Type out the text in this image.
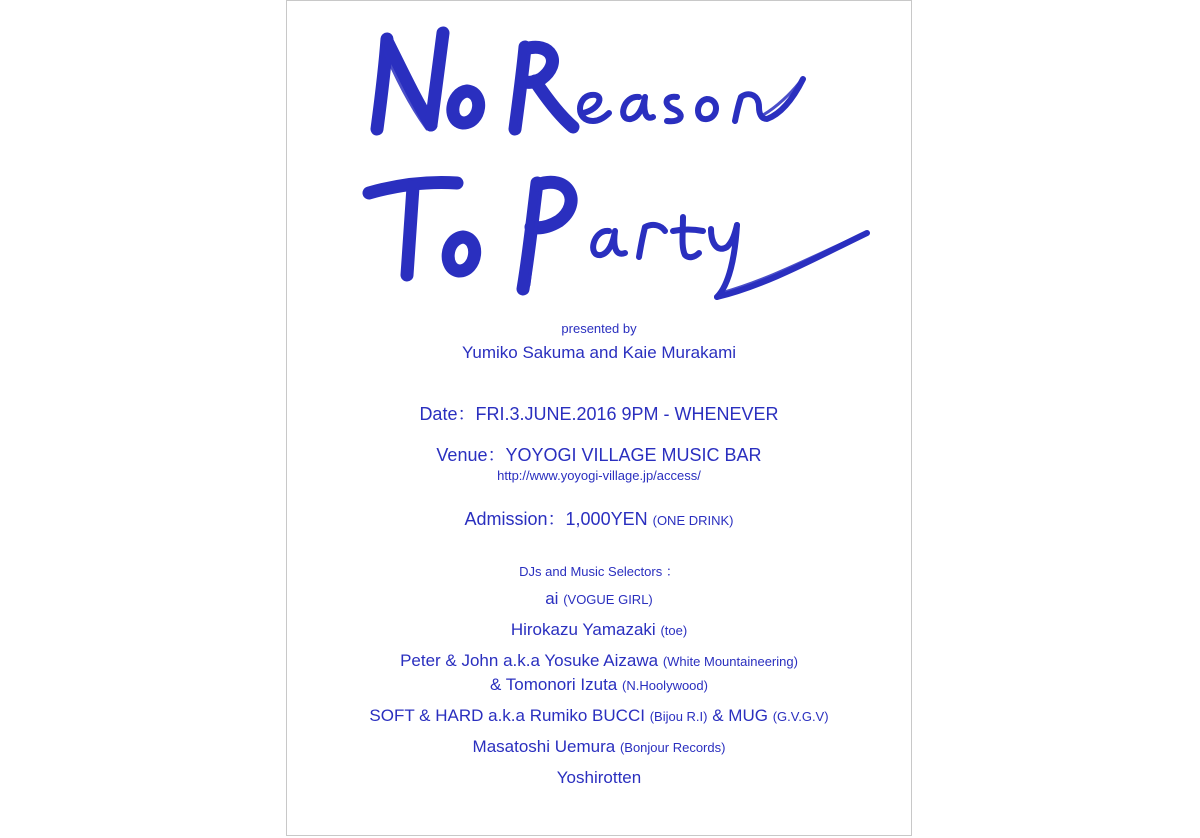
presented by
Yumiko Sakuma and Kaie Murakami
Date：FRI.3.JUNE.2016 9PM - WHENEVER
Venue：YOYOGI VILLAGE MUSIC BAR
http://www.yoyogi-village.jp/access/
Admission：1,000YEN (ONE DRINK)
DJs and Music Selectors ：
ai (VOGUE GIRL)
Hirokazu Yamazaki (toe)
Peter & John a.k.a Yosuke Aizawa (White Mountaineering)
& Tomonori Izuta (N.Hoolywood)
SOFT & HARD a.k.a Rumiko BUCCI (Bijou R.I) & MUG (G.V.G.V)
Masatoshi Uemura (Bonjour Records)
Yoshirotten
